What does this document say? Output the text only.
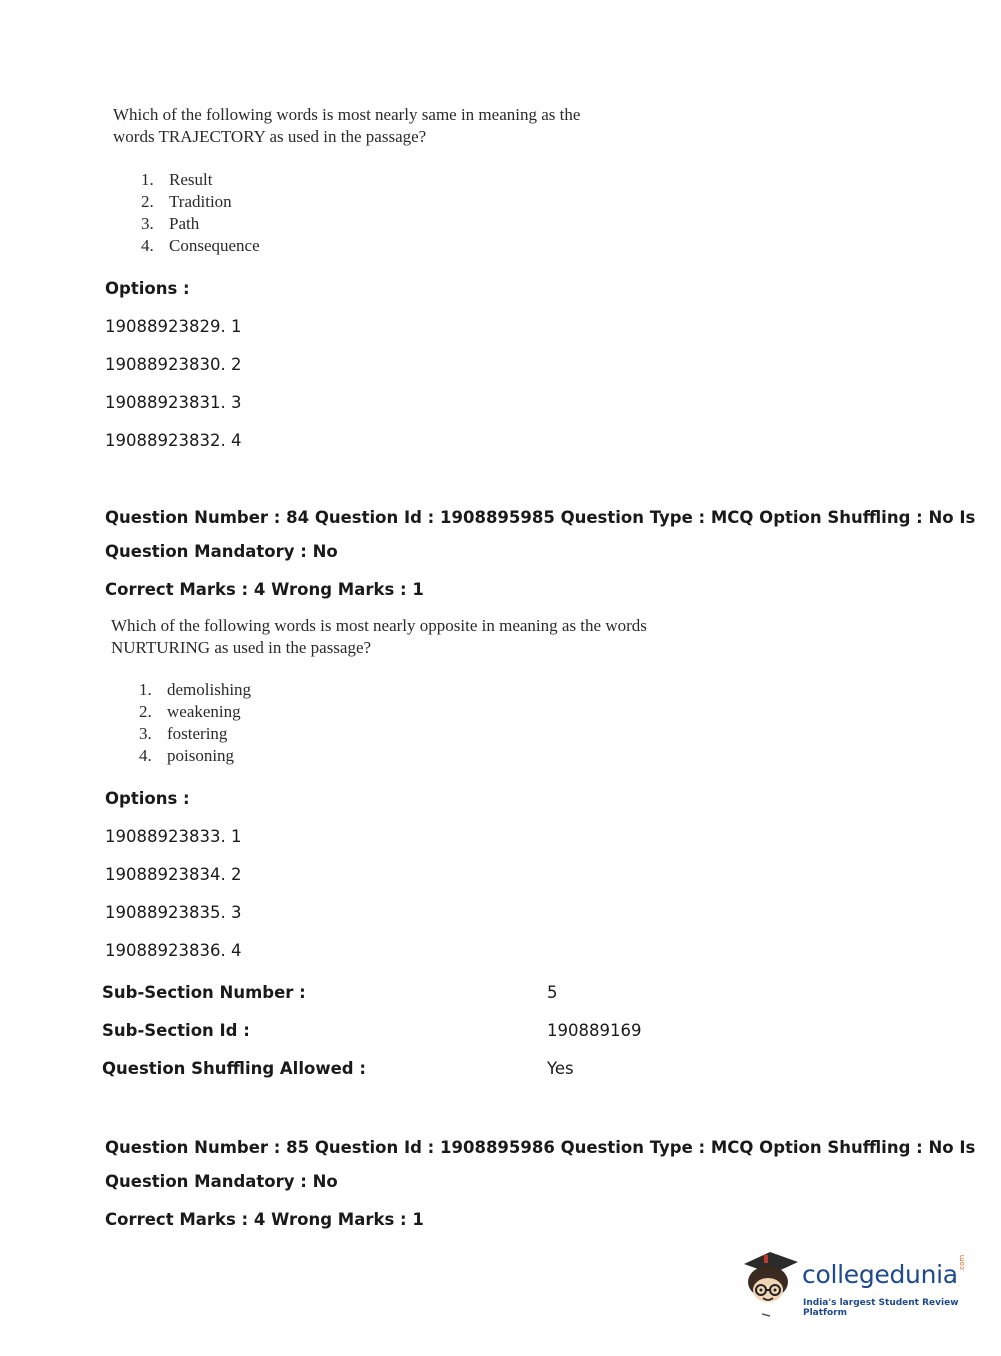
Which of the following words is most nearly same in meaning as the
words TRAJECTORY as used in the passage?
1. Result
2. Tradition
3. Path
4. Consequence
Options :
19088923829. 1
19088923830. 2
19088923831. 3
19088923832. 4
Question Number : 84 Question Id : 1908895985 Question Type : MCQ Option Shuffling : No Is
Question Mandatory : No
Correct Marks : 4 Wrong Marks : 1
Which of the following words is most nearly opposite in meaning as the words
NURTURING as used in the passage?
1. demolishing
2. weakening
3. fostering
4. poisoning
Options :
19088923833. 1
19088923834. 2
19088923835. 3
19088923836. 4
Sub-Section Number :	5
Sub-Section Id :	190889169
Question Shuffling Allowed :	Yes
Question Number : 85 Question Id : 1908895986 Question Type : MCQ Option Shuffling : No Is
Question Mandatory : No
Correct Marks : 4 Wrong Marks : 1
collegedunia .com
India's largest Student Review Platform
